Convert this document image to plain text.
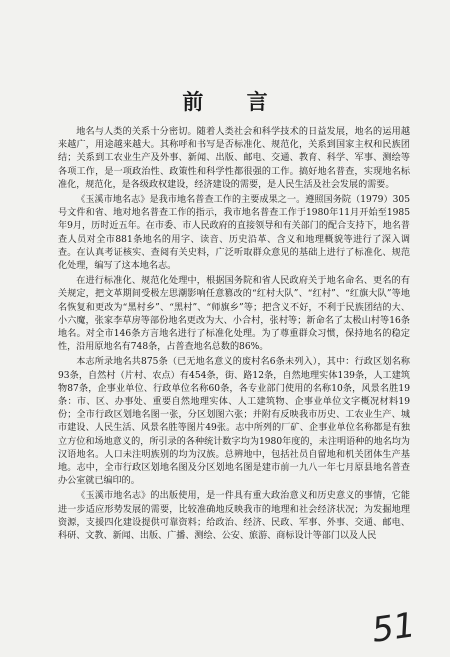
前 言

地名与人类的关系十分密切。随着人类社会和科学技术的日益发展，地名的运用越来越广，用途越来越大。其称呼和书写是否标准化、规范化，关系到国家主权和民族团结；关系到工农业生产及外事、新闻、出版、邮电、交通、教育、科学、军事、测绘等各项工作，是一项政治性、政策性和科学性都很强的工作。搞好地名普查，实现地名标准化，规范化，是各级政权建设，经济建设的需要，是人民生活及社会发展的需要。

《玉溪市地名志》是我市地名普查工作的主要成果之一。遵照国务院（1979）305号文件和省、地对地名普查工作的指示，我市地名普查工作于1980年11月开始至1985年9月，历时近五年。在市委、市人民政府的直接领导和有关部门的配合支持下，地名普查人员对全市881条地名的用字、读音、历史沿革、含义和地理概貌等进行了深入调查。在认真考证核实、查阅有关史料，广泛听取群众意见的基础上进行了标准化、规范化处理，编写了这本地名志。

在进行标准化、规范化处理中，根据国务院和省人民政府关于地名命名、更名的有关规定，把文革期间受极左思潮影响任意篡改的“红村大队”、“红村”、“红旗大队”等地名恢复和更改为“黑村乡”、“黑村”、“师旗乡”等；把含义不好，不利于民族团结的大、小六魔，张家李草房等部份地名更改为大、小合村，张村等；新命名了太极山村等16条地名。对全市146条方言地名进行了标准化处理。为了尊重群众习惯，保持地名的稳定性，沿用原地名有748条，占普查地名总数的86%。

本志所录地名共875条（已无地名意义的废村名6条未列入），其中：行政区划名称93条，自然村（片村、农点）有454条，街、路12条，自然地理实体139条，人工建筑物87条，企事业单位、行政单位名称60条，各专业部门使用的名称10条，风景名胜19条：市、区、办事处、重要自然地理实体、人工建筑物、企事业单位文字概况材料19份；全市行政区划地名图一张，分区划图六张；并附有反映我市历史、工农业生产、城市建设、人民生活、风景名胜等图片49张。志中所列的厂矿、企事业单位名称都是有独立方位和场地意义的，所引录的各种统计数字均为1980年度的，未注明语种的地名均为汉语地名。人口未注明族别的均为汉族。总辨地中，包括社员自留地和机关团体生产基地。志中，全市行政区划地名图及分区划地名图是建市前一九八一年七月原县地名普查办公室就已编印的。

《玉溪市地名志》的出版使用，是一件具有重大政治意义和历史意义的事情，它能进一步适应形势发展的需要，比较准确地反映我市的地理和社会经济状况；为发掘地理资源，支援四化建设提供可靠资料；给政治、经济、民政、军事、外事、交通、邮电、科研、文教、新闻、出版、广播、测绘、公安、旅游、商标设计等部门以及人民

51
